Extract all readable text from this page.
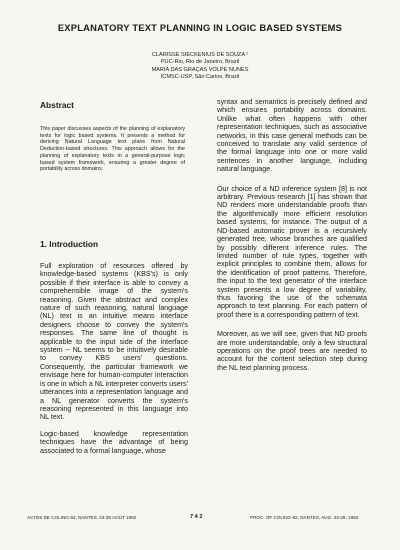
EXPLANATORY TEXT PLANNING IN LOGIC BASED SYSTEMS
CLARISSE SIECKENIUS DE SOUZA ¹
PUC-Rio, Rio de Janeiro, Brazil
MARIA DAS GRAÇAS VOLPE NUNES
ICMSC-USP, São Carlos, Brazil
Abstract
This paper discusses aspects of the planning of explanatory texts for logic based systems. It presents a method for deriving Natural Language text plans from Natural Deduction-based structures. This approach allows for the planning of explanatory texts in a general-purpose logic based system framework, ensuring a greater degree of portability across domains.
1. Introduction

Full exploration of resources offered by knowledge-based systems (KBS's) is only possible if their interface is able to convey a comprehensible image of the system's reasoning. Given the abstract and complex nature of such reasoning, natural language (NL) text is an intuitive means interface designers choose to convey the system's responses. The same line of thought is applicable to the input side of the interface system -- NL seems to be intuitively desirable to convey KBS users' questions. Consequently, the particular framework we envisage here for human-computer interaction is one in which a NL interpreter converts users' utterances into a representation language and a NL generator converts the system's reasoning represented in this language into NL text.

Logic-based knowledge representation techniques have the advantage of being associated to a formal language, whose

syntax and semantics is precisely defined and which ensures portability across domains. Unlike what often happens with other representation techniques, such as associative networks, in this case general methods can be conceived to translate any valid sentence of the formal language into one or more valid sentences in another language, including natural language.

Our choice of a ND inference system [8] is not arbitrary. Previous research [1] has shown that ND renders more understandable proofs than the algorithmically more efficient resolution based systems, for instance. The output of a ND-based automatic prover is a recursively generated tree, whose branches are qualified by possibly different inference rules. The limited number of rule types, together with explicit principles to combine them, allows for the identification of proof patterns. Therefore, the input to the text generator of the interface system presents a low degree of variability, thus favoring the use of the schemata approach to text planning. For each pattern of proof there is a corresponding pattern of text.

Moreover, as we will see, given that ND proofs are more understandable, only a few structural operations on the proof trees are needed to account for the content selection step during the NL text planning process.

ACTES DE COLING-92, NANTES, 23-28 AOÛT 1992	7 4 2	PROC. OF COLING-92, NANTES, AUG. 23-28, 1992
